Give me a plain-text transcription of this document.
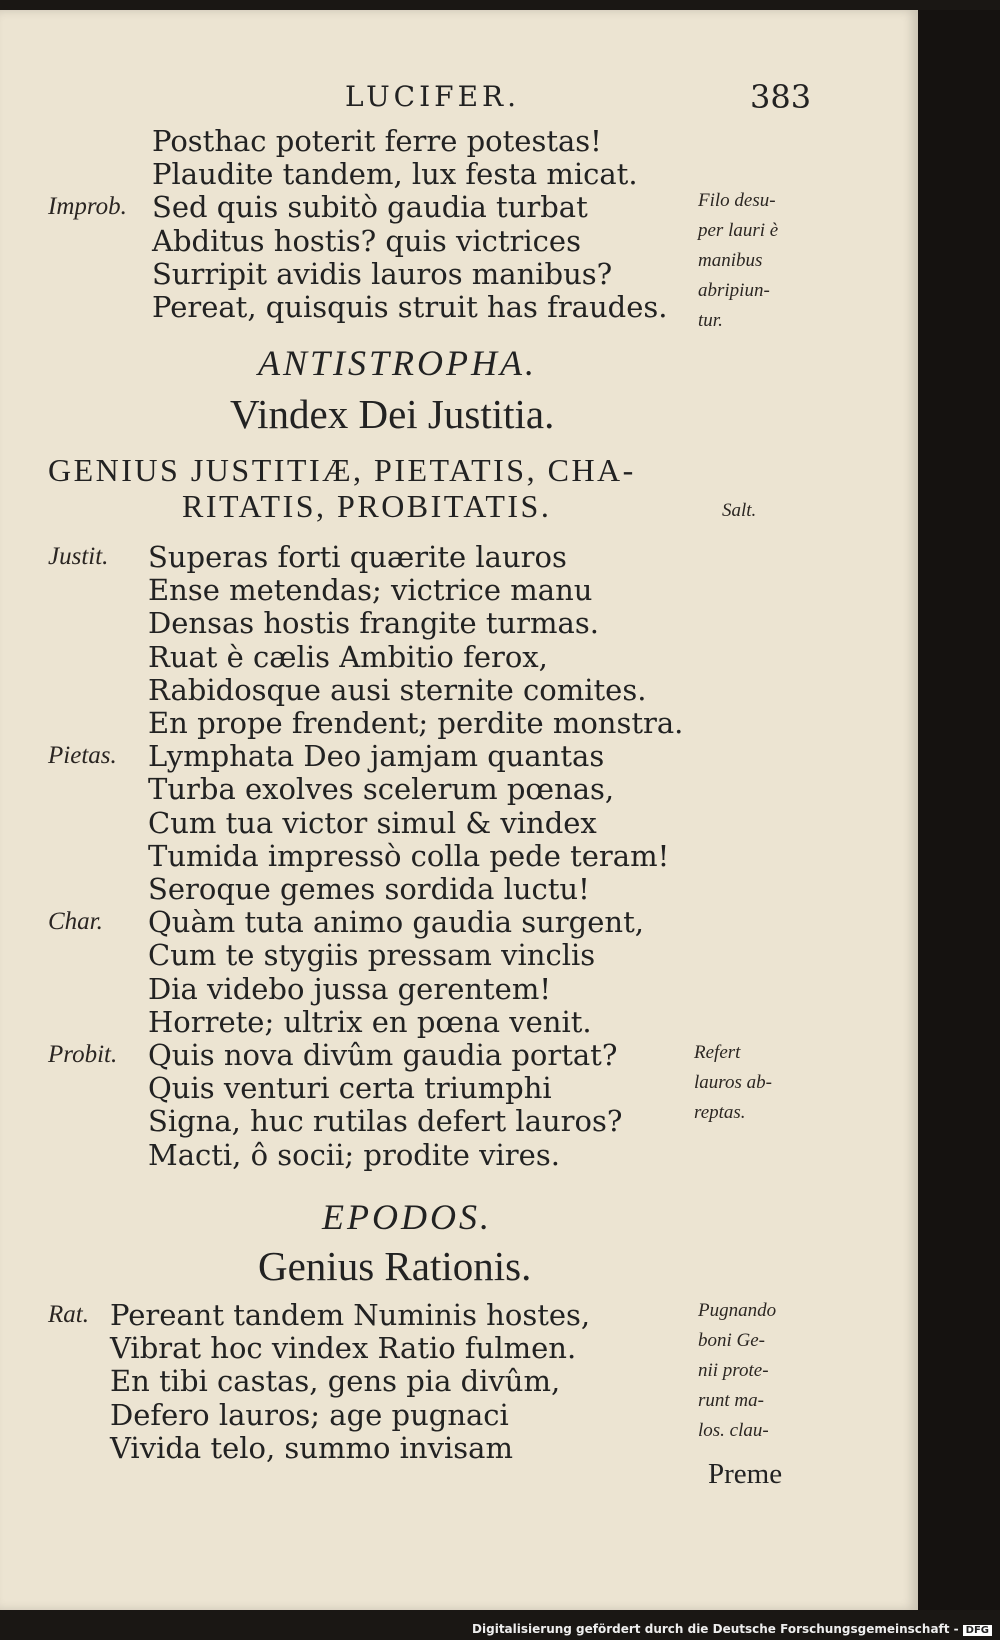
LUCIFER.	383
Posthac poterit ferre potestas!
Plaudite tandem, lux festa micat.
Improb. Sed quis subitò gaudia turbat
Abditus hostis? quis victrices
Surripit avidis lauros manibus?
Pereat, quisquis struit has fraudes.
Filo desu-
per lauri è
manibus
abripiun-
tur.
ANTISTROPHA.
Vindex Dei Justitia.
GENIUS JUSTITIÆ, PIETATIS, CHA-
RITATIS, PROBITATIS.	Salt.
Justit. Superas forti quærite lauros
Ense metendas; victrice manu
Densas hostis frangite turmas.
Ruat è cælis Ambitio ferox,
Rabidosque ausi sternite comites.
En prope frendent; perdite monstra.
Pietas. Lymphata Deo jamjam quantas
Turba exolves scelerum pœnas,
Cum tua victor simul & vindex
Tumida impressò colla pede teram!
Seroque gemes sordida luctu!
Char. Quàm tuta animo gaudia surgent,
Cum te stygiis pressam vinclis
Dia videbo jussa gerentem!
Horrete; ultrix en pœna venit.
Probit. Quis nova divûm gaudia portat?
Quis venturi certa triumphi
Signa, huc rutilas defert lauros?
Macti, ô socii; prodite vires.
Refert
lauros ab-
reptas.
EPODOS.
Genius Rationis.
Rat. Pereant tandem Numinis hostes,
Vibrat hoc vindex Ratio fulmen.
En tibi castas, gens pia divûm,
Defero lauros; age pugnaci
Vivida telo, summo invisam
Pugnando
boni Ge-
nii prote-
runt ma-
los. clau-
Preme
Digitalisierung gefördert durch die Deutsche Forschungsgemeinschaft - DFG
